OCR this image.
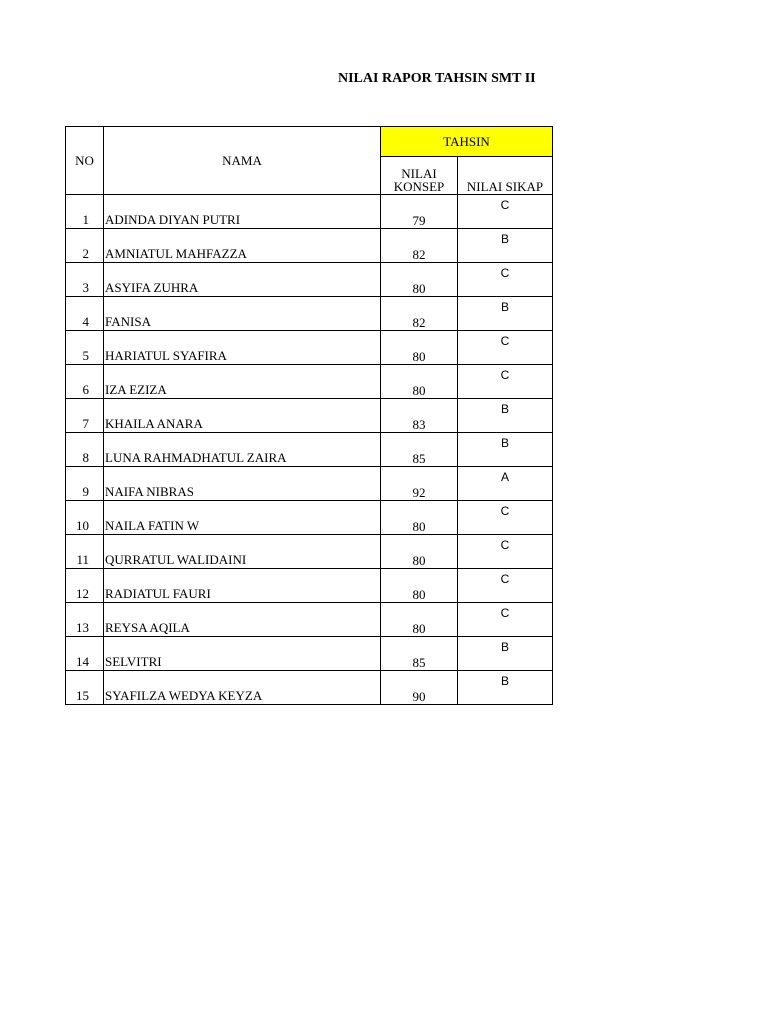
NILAI RAPOR TAHSIN SMT II
NO	NAMA	TAHSIN	
		NILAI KONSEP	NILAI SIKAP
1	ADINDA DIYAN PUTRI	79	C
2	AMNIATUL MAHFAZZA	82	B
3	ASYIFA ZUHRA	80	C
4	FANISA	82	B
5	HARIATUL SYAFIRA	80	C
6	IZA EZIZA	80	C
7	KHAILA ANARA	83	B
8	LUNA RAHMADHATUL ZAIRA	85	B
9	NAIFA NIBRAS	92	A
10	NAILA FATIN W	80	C
11	QURRATUL WALIDAINI	80	C
12	RADIATUL FAURI	80	C
13	REYSA AQILA	80	C
14	SELVITRI	85	B
15	SYAFILZA WEDYA KEYZA	90	B
